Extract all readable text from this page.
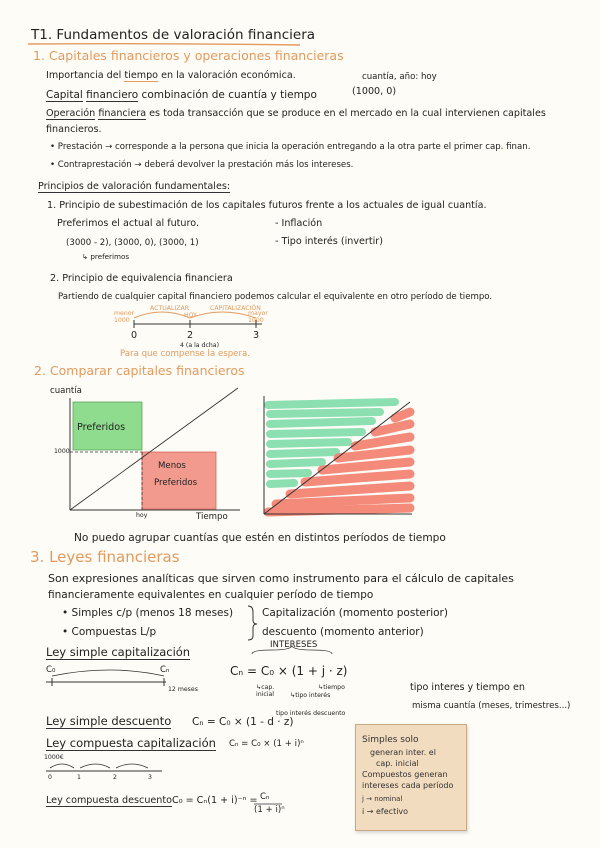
T1. Fundamentos de valoración financiera
1. Capitales financieros y operaciones financieras
cuantía, año: hoy
(1000, 0)
Importancia del tiempo en la valoración económica.
Capital financiero combinación de cuantía y tiempo
Operación financiera es toda transacción que se produce en el mercado en la cual intervienen capitales
financieros.
• Prestación → corresponde a la persona que inicia la operación entregando a la otra parte el primer cap. finan.
• Contraprestación → deberá devolver la prestación más los intereses.
Principios de valoración fundamentales:
1. Principio de subestimación de los capitales futuros frente a los actuales de igual cuantía.
Preferimos el actual al futuro.	- Inflación
- Tipo interés (invertir)
(3000 - 2), (3000, 0), (3000, 1)
↳ preferimos
2. Principio de equivalencia financiera
Partiendo de cualquier capital financiero podemos calcular el equivalente en otro período de tiempo.
ACTUALIZAR	CAPITALIZACIÓN
HOY
menor 1000
mayor 1000
0	2	3
4 (a la dcha)
Para que compense la espera.
2. Comparar capitales financieros
cuantía
1000
hoy	Tiempo
Preferidos
Menos
Preferidos
No puedo agrupar cuantías que estén en distintos períodos de tiempo
3. Leyes financieras
Son expresiones analíticas que sirven como instrumento para el cálculo de capitales
financieramente equivalentes en cualquier período de tiempo
• Simples c/p (menos 18 meses)
• Compuestas L/p
Capitalización (momento posterior)
descuento (momento anterior)
Ley simple capitalización
C₀	Cₙ
12 meses
INTERESES
Cₙ = C₀ × (1 + j · z)
↳cap. inicial	↳tipo interés
↳tiempo	tipo interes y tiempo en
misma cuantía (meses, trimestres...)
Ley simple descuento Cₙ = C₀ × (1 - d · z)
tipo interés descuento
Ley compuesta capitalización Cₙ = C₀ × (1 + i)ⁿ
1000€
0	1	2	3
Ley compuesta descuento C₀ = Cₙ(1 + i)⁻ⁿ = Cₙ
(1 + i)ⁿ
Simples solo
generan inter. el
cap. inicial
Compuestos generan
intereses cada período
j → nominal
i → efectivo
